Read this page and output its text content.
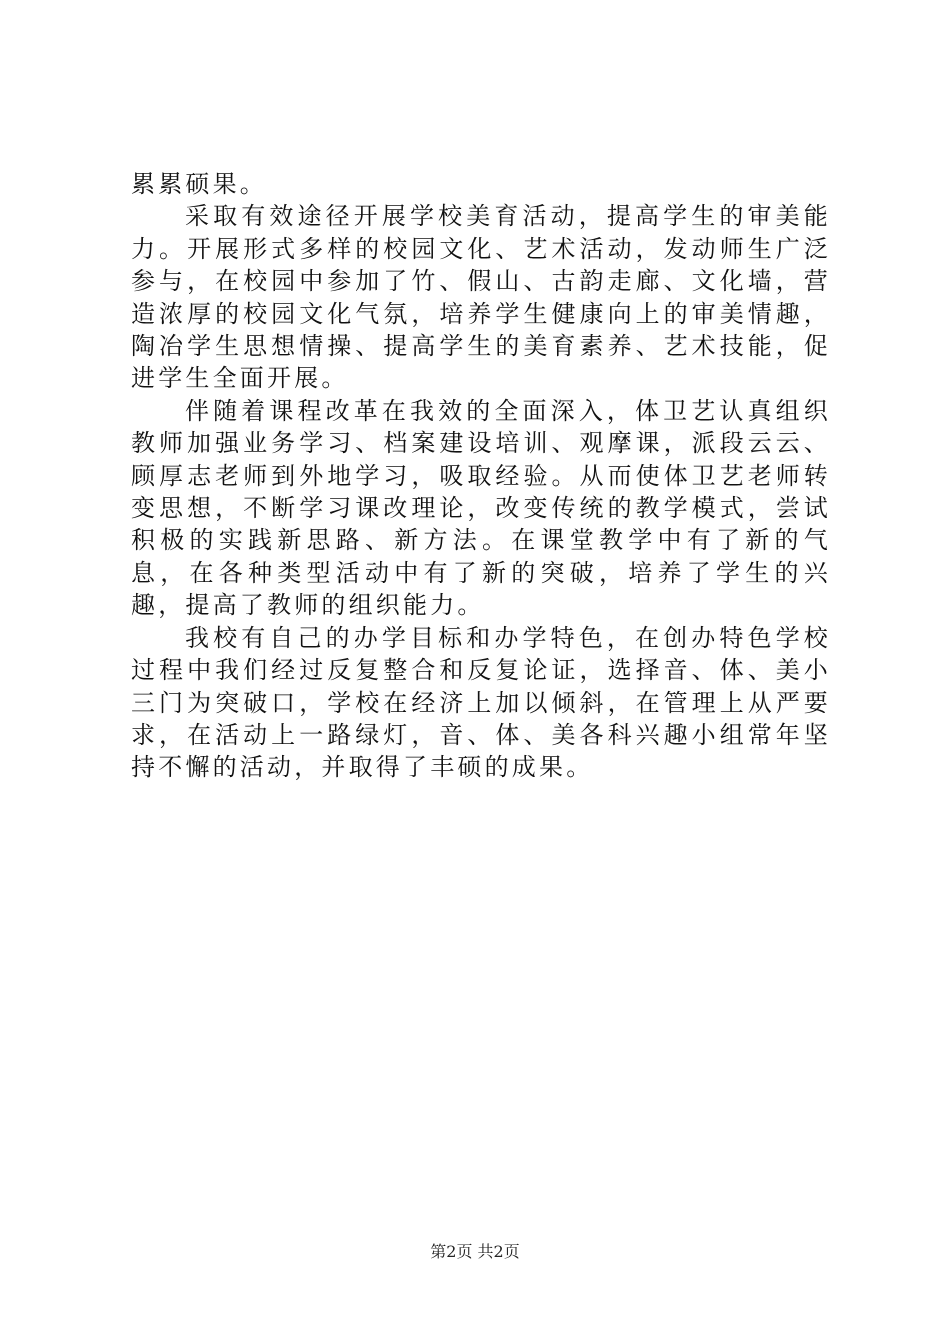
累累硕果。

采取有效途径开展学校美育活动，提高学生的审美能力。开展形式多样的校园文化、艺术活动，发动师生广泛参与，在校园中参加了竹、假山、古韵走廊、文化墙，营造浓厚的校园文化气氛，培养学生健康向上的审美情趣，陶冶学生思想情操、提高学生的美育素养、艺术技能，促进学生全面开展。

伴随着课程改革在我效的全面深入，体卫艺认真组织教师加强业务学习、档案建设培训、观摩课，派段云云、顾厚志老师到外地学习，吸取经验。从而使体卫艺老师转变思想，不断学习课改理论，改变传统的教学模式，尝试积极的实践新思路、新方法。在课堂教学中有了新的气息，在各种类型活动中有了新的突破，培养了学生的兴趣，提高了教师的组织能力。

我校有自己的办学目标和办学特色，在创办特色学校过程中我们经过反复整合和反复论证，选择音、体、美小三门为突破口，学校在经济上加以倾斜，在管理上从严要求，在活动上一路绿灯，音、体、美各科兴趣小组常年坚持不懈的活动，并取得了丰硕的成果。

第2页 共2页
